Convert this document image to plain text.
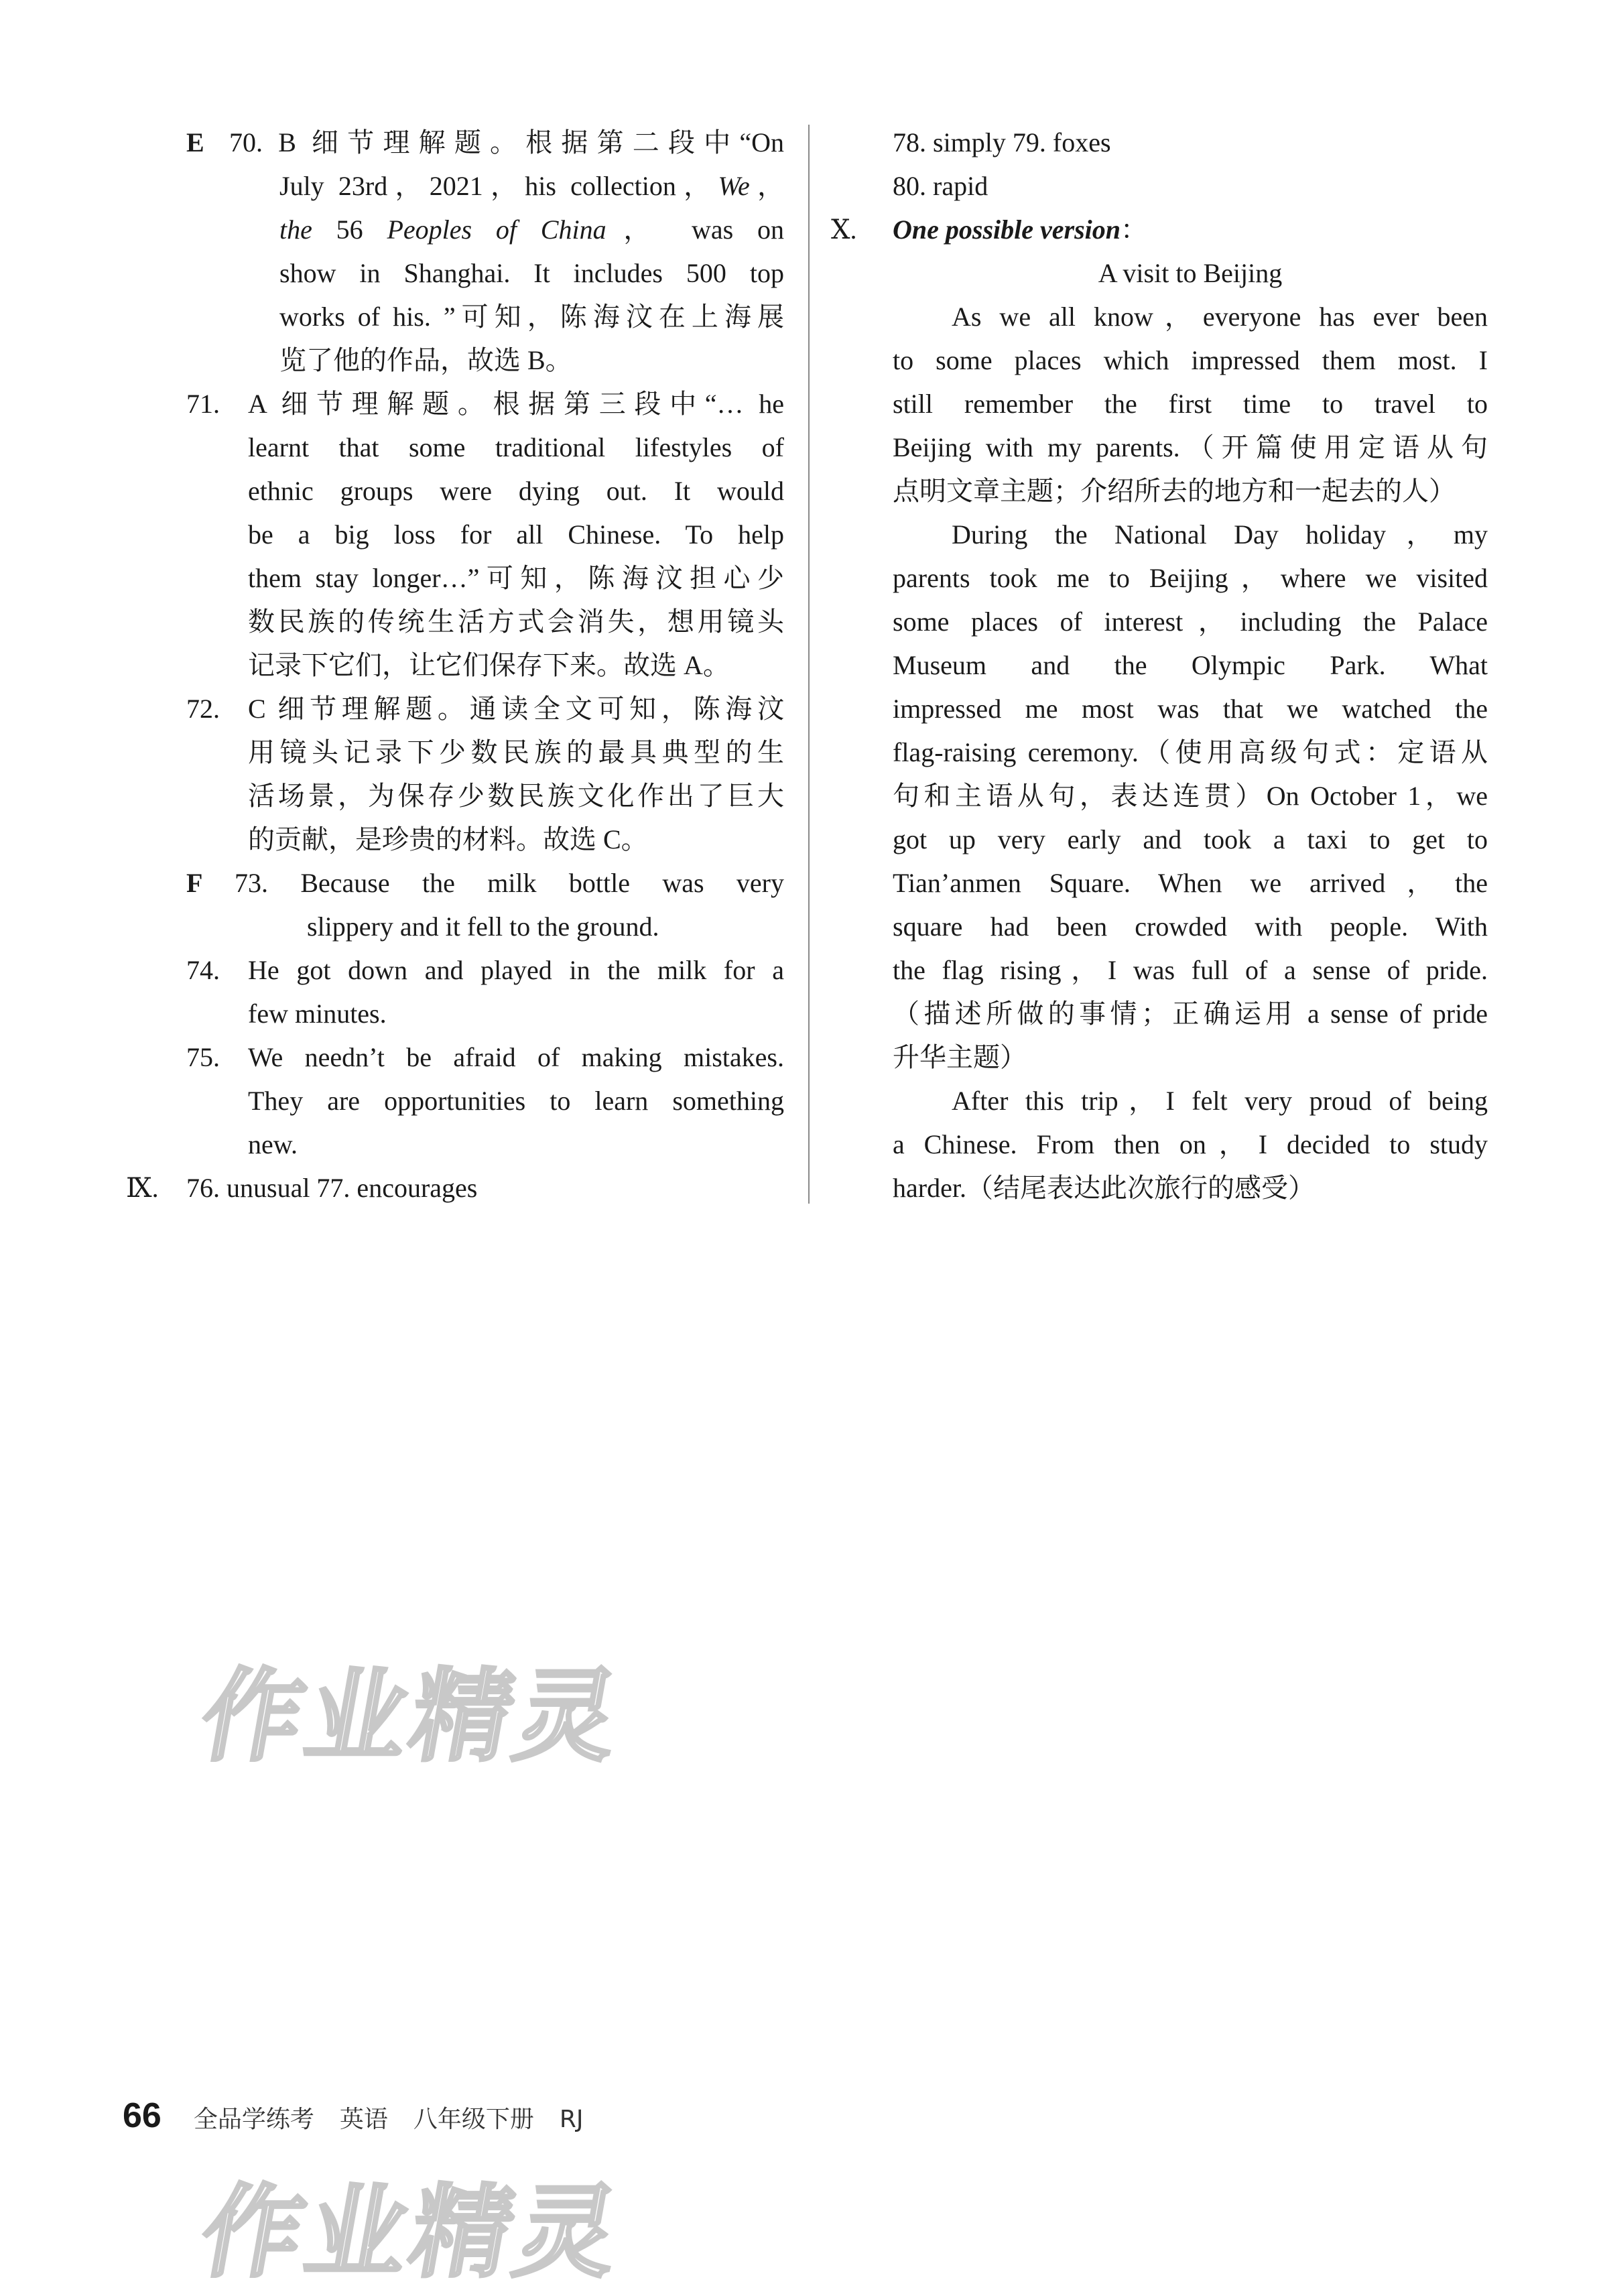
E 70. B 细节理解题。根据第二段中“On
July 23rd，2021，his collection，We，
the 56 Peoples of China， was on
show in Shanghai. It includes 500 top
works of his. ”可知，陈海汶在上海展
览了他的作品，故选 B。
71. A 细节理解题。根据第三段中“… he
learnt that some traditional lifestyles of
ethnic groups were dying out. It would
be a big loss for all Chinese. To help
them stay longer…”可知，陈海汶担心少
数民族的传统生活方式会消失，想用镜头
记录下它们，让它们保存下来。故选 A。
72. C 细节理解题。通读全文可知，陈海汶
用镜头记录下少数民族的最具典型的生
活场景，为保存少数民族文化作出了巨大
的贡献，是珍贵的材料。故选 C。
F 73. Because the milk bottle was very
slippery and it fell to the ground.
74. He got down and played in the milk for a
few minutes.
75. We needn’t be afraid of making mistakes.
They are opportunities to learn something
new.
Ⅸ. 76. unusual 77. encourages
78. simply 79. foxes
80. rapid
Ⅹ. One possible version：
A visit to Beijing
As we all know，everyone has ever been
to some places which impressed them most. I
still remember the first time to travel to
Beijing with my parents.（开篇使用定语从句
点明文章主题；介绍所去的地方和一起去的人）
During the National Day holiday，my
parents took me to Beijing，where we visited
some places of interest，including the Palace
Museum and the Olympic Park. What
impressed me most was that we watched the
flag-raising ceremony.（使用高级句式：定语从
句和主语从句，表达连贯）On October 1，we
got up very early and took a taxi to get to
Tian’anmen Square. When we arrived，the
square had been crowded with people. With
the flag rising，I was full of a sense of pride.
（描述所做的事情；正确运用 a sense of pride
升华主题）
After this trip，I felt very proud of being
a Chinese. From then on，I decided to study
harder.（结尾表达此次旅行的感受）
作业精灵
作业精灵
66 全品学练考 英语 八年级下册 RJ
